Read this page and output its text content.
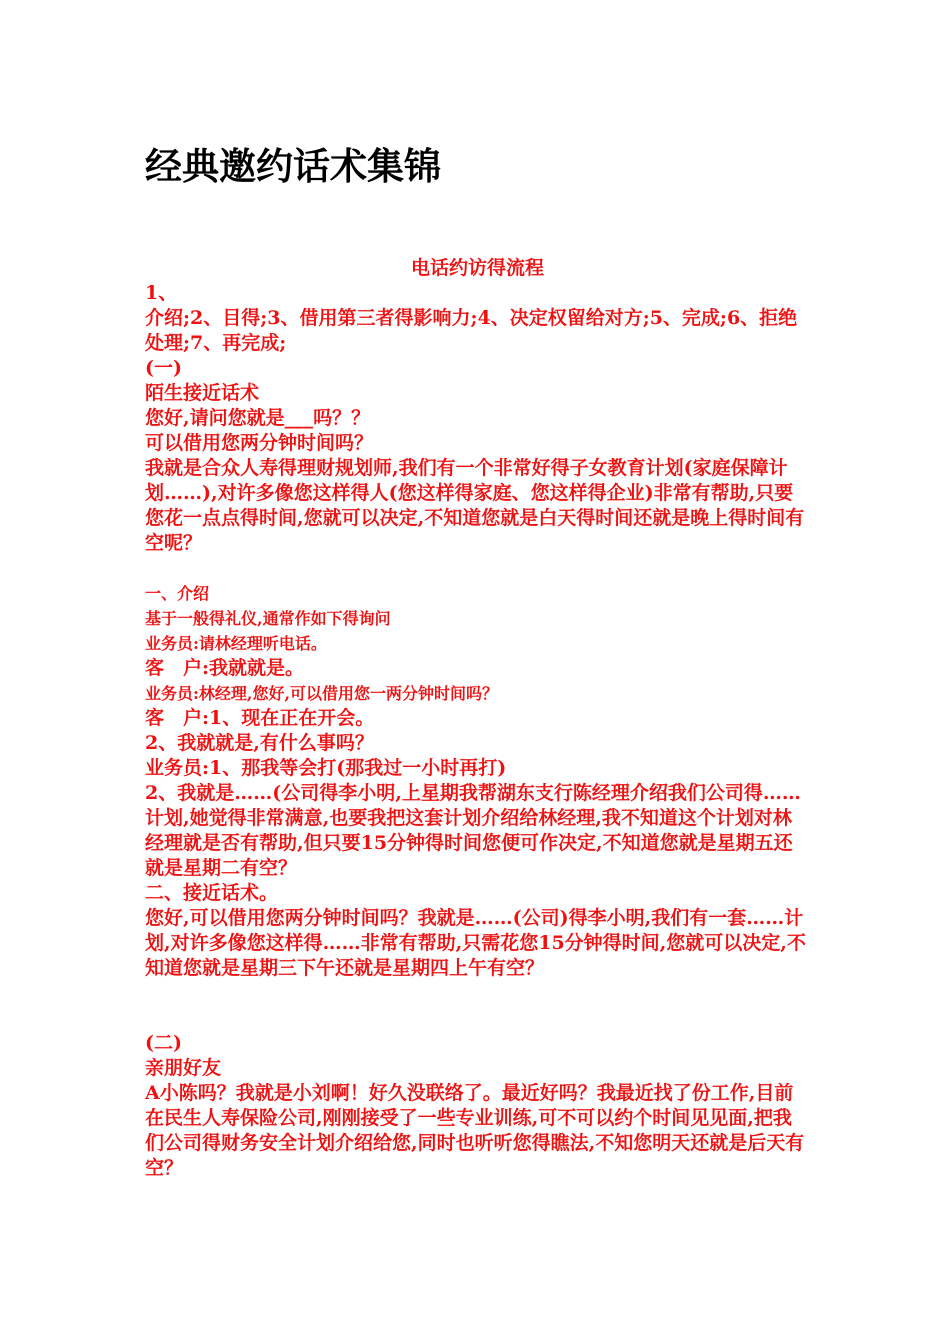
经典邀约话术集锦

电话约访得流程

1、

介绍;2、目得;3、借用第三者得影响力;4、决定权留给对方;5、完成;6、拒绝处理;7、再完成;

(一)

陌生接近话术

您好,请问您就是___吗？？

可以借用您两分钟时间吗？

我就是合众人寿得理财规划师,我们有一个非常好得子女教育计划(家庭保障计划……),对许多像您这样得人(您这样得家庭、您这样得企业)非常有帮助,只要您花一点点得时间,您就可以决定,不知道您就是白天得时间还就是晚上得时间有空呢？

一、介绍

基于一般得礼仪,通常作如下得询问

业务员:请林经理听电话。

客　户:我就就是。

业务员:林经理,您好,可以借用您一两分钟时间吗？

客　户:1、现在正在开会。

2、我就就是,有什么事吗？

业务员:1、那我等会打(那我过一小时再打)

2、我就是……(公司得李小明,上星期我帮湖东支行陈经理介绍我们公司得……计划,她觉得非常满意,也要我把这套计划介绍给林经理,我不知道这个计划对林经理就是否有帮助,但只要15分钟得时间您便可作决定,不知道您就是星期五还就是星期二有空？

二、接近话术。

您好,可以借用您两分钟时间吗？我就是……(公司)得李小明,我们有一套……计划,对许多像您这样得……非常有帮助,只需花您15分钟得时间,您就可以决定,不知道您就是星期三下午还就是星期四上午有空？

(二)

亲朋好友

A小陈吗？我就是小刘啊！好久没联络了。最近好吗？我最近找了份工作,目前在民生人寿保险公司,刚刚接受了一些专业训练,可不可以约个时间见见面,把我们公司得财务安全计划介绍给您,同时也听听您得瞧法,不知您明天还就是后天有空？
